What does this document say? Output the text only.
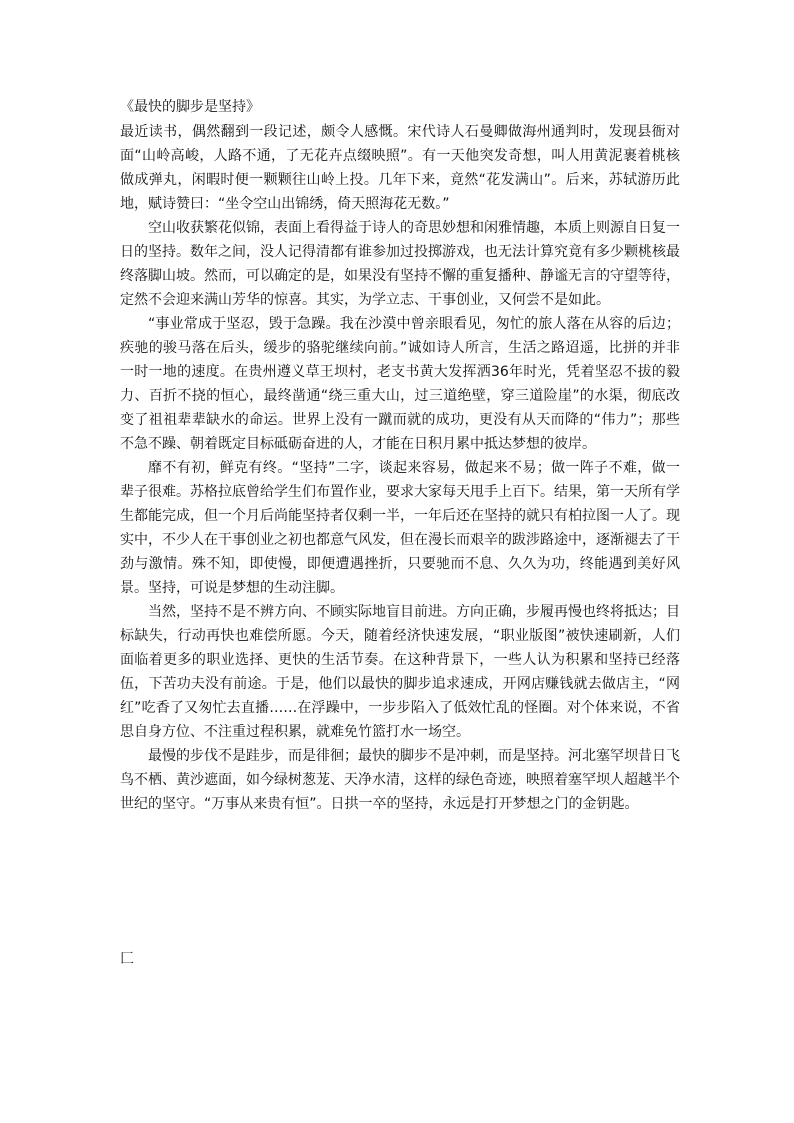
《最快的脚步是坚持》

最近读书，偶然翻到一段记述，颇令人感慨。宋代诗人石曼卿做海州通判时，发现县衙对面“山岭高峻，人路不通，了无花卉点缀映照”。有一天他突发奇想，叫人用黄泥裹着桃核做成弹丸，闲暇时便一颗颗往山岭上投。几年下来，竟然“花发满山”。后来，苏轼游历此地，赋诗赞曰：“坐令空山出锦绣，倚天照海花无数。”

空山收获繁花似锦，表面上看得益于诗人的奇思妙想和闲雅情趣，本质上则源自日复一日的坚持。数年之间，没人记得清都有谁参加过投掷游戏，也无法计算究竟有多少颗桃核最终落脚山坡。然而，可以确定的是，如果没有坚持不懈的重复播种、静谧无言的守望等待，定然不会迎来满山芳华的惊喜。其实，为学立志、干事创业，又何尝不是如此。

“事业常成于坚忍，毁于急躁。我在沙漠中曾亲眼看见，匆忙的旅人落在从容的后边；疾驰的骏马落在后头，缓步的骆驼继续向前。”诚如诗人所言，生活之路迢遥，比拼的并非一时一地的速度。在贵州遵义草王坝村，老支书黄大发挥洒36年时光，凭着坚忍不拔的毅力、百折不挠的恒心，最终凿通“绕三重大山，过三道绝壁，穿三道险崖”的水渠，彻底改变了祖祖辈辈缺水的命运。世界上没有一蹴而就的成功，更没有从天而降的“伟力”；那些不急不躁、朝着既定目标砥砺奋进的人，才能在日积月累中抵达梦想的彼岸。

靡不有初，鲜克有终。“坚持”二字，谈起来容易，做起来不易；做一阵子不难，做一辈子很难。苏格拉底曾给学生们布置作业，要求大家每天甩手上百下。结果，第一天所有学生都能完成，但一个月后尚能坚持者仅剩一半，一年后还在坚持的就只有柏拉图一人了。现实中，不少人在干事创业之初也都意气风发，但在漫长而艰辛的跋涉路途中，逐渐褪去了干劲与激情。殊不知，即使慢，即便遭遇挫折，只要驰而不息、久久为功，终能遇到美好风景。坚持，可说是梦想的生动注脚。

当然，坚持不是不辨方向、不顾实际地盲目前进。方向正确，步履再慢也终将抵达；目标缺失，行动再快也难偿所愿。今天，随着经济快速发展，“职业版图”被快速刷新，人们面临着更多的职业选择、更快的生活节奏。在这种背景下，一些人认为积累和坚持已经落伍，下苦功夫没有前途。于是，他们以最快的脚步追求速成，开网店赚钱就去做店主，“网红”吃香了又匆忙去直播……在浮躁中，一步步陷入了低效忙乱的怪圈。对个体来说，不省思自身方位、不注重过程积累，就难免竹篮打水一场空。

最慢的步伐不是跬步，而是徘徊；最快的脚步不是冲刺，而是坚持。河北塞罕坝昔日飞鸟不栖、黄沙遮面，如今绿树葱茏、天净水清，这样的绿色奇迹，映照着塞罕坝人超越半个世纪的坚守。“万事从来贵有恒”。日拱一卒的坚持，永远是打开梦想之门的金钥匙。

匚
